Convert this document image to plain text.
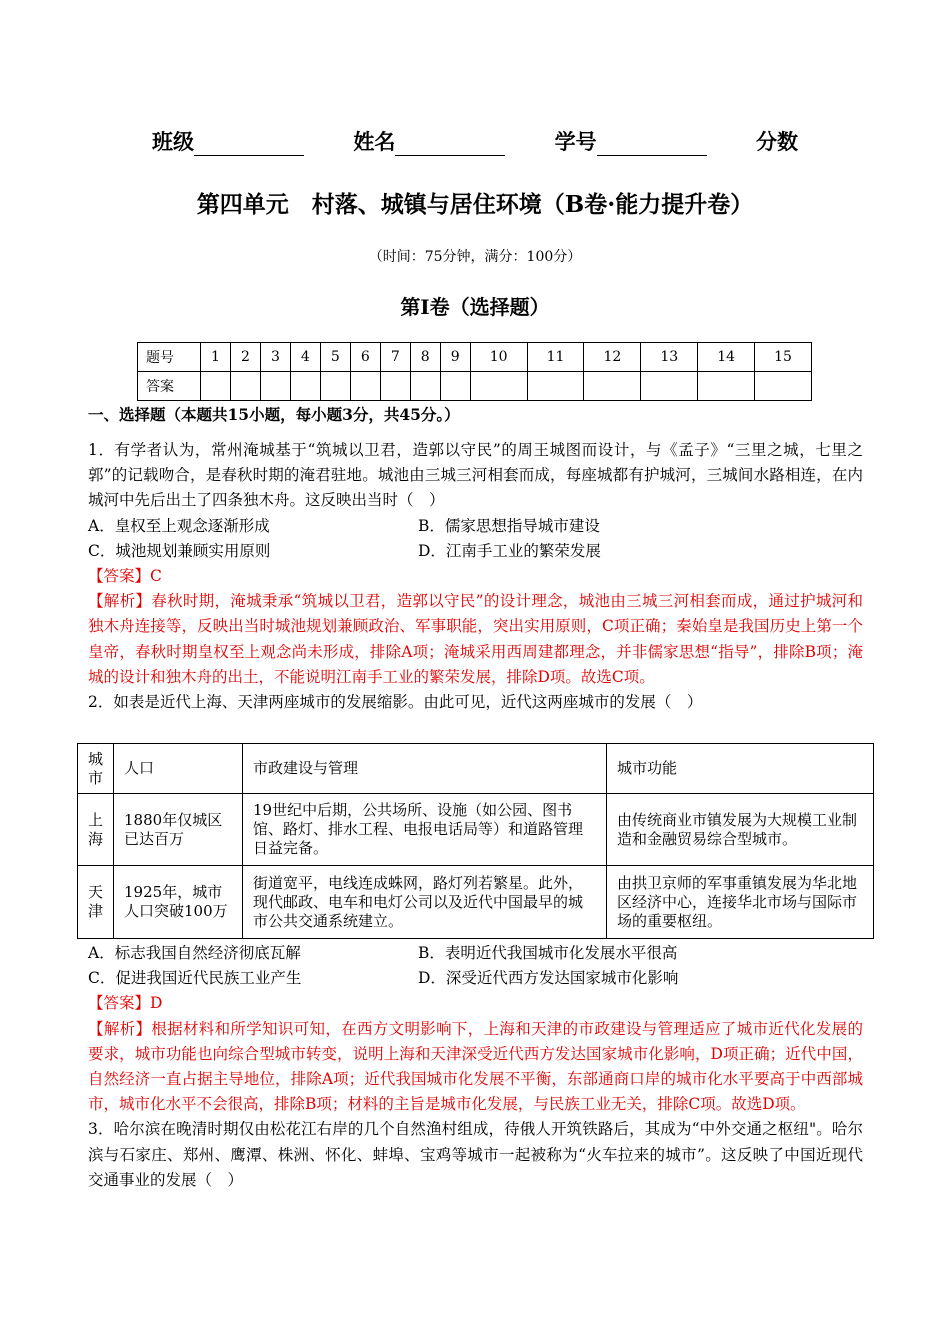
班级	姓名	学号	分数
第四单元　村落、城镇与居住环境（B卷·能力提升卷）
（时间：75分钟，满分：100分）
第Ⅰ卷（选择题）
题号	1	2	3	4	5	6	7	8	9	10	11	12	13	14	15
答案															
一、选择题（本题共15小题，每小题3分，共45分。）
1．有学者认为，常州淹城基于“筑城以卫君，造郭以守民”的周王城图而设计，与《孟子》“三里之城，七里之郭”的记载吻合，是春秋时期的淹君驻地。城池由三城三河相套而成，每座城都有护城河，三城间水路相连，在内城河中先后出土了四条独木舟。这反映出当时（　）
A．皇权至上观念逐渐形成	B．儒家思想指导城市建设
C．城池规划兼顾实用原则	D．江南手工业的繁荣发展
【答案】C
【解析】春秋时期，淹城秉承“筑城以卫君，造郭以守民”的设计理念，城池由三城三河相套而成，通过护城河和独木舟连接等，反映出当时城池规划兼顾政治、军事职能，突出实用原则，C项正确；秦始皇是我国历史上第一个皇帝，春秋时期皇权至上观念尚未形成，排除A项；淹城采用西周建都理念，并非儒家思想“指导”，排除B项；淹城的设计和独木舟的出土，不能说明江南手工业的繁荣发展，排除D项。故选C项。
2．如表是近代上海、天津两座城市的发展缩影。由此可见，近代这两座城市的发展（　）
城市	人口	市政建设与管理	城市功能
上海	1880年仅城区已达百万	19世纪中后期，公共场所、设施（如公园、图书馆、路灯、排水工程、电报电话局等）和道路管理日益完备。	由传统商业市镇发展为大规模工业制造和金融贸易综合型城市。
天津	1925年，城市人口突破100万	街道宽平，电线连成蛛网，路灯列若繁星。此外，现代邮政、电车和电灯公司以及近代中国最早的城市公共交通系统建立。	由拱卫京师的军事重镇发展为华北地区经济中心，连接华北市场与国际市场的重要枢纽。
A．标志我国自然经济彻底瓦解	B．表明近代我国城市化发展水平很高
C．促进我国近代民族工业产生	D．深受近代西方发达国家城市化影响
【答案】D
【解析】根据材料和所学知识可知，在西方文明影响下，上海和天津的市政建设与管理适应了城市近代化发展的要求，城市功能也向综合型城市转变，说明上海和天津深受近代西方发达国家城市化影响，D项正确；近代中国，自然经济一直占据主导地位，排除A项；近代我国城市化发展不平衡，东部通商口岸的城市化水平要高于中西部城市，城市化水平不会很高，排除B项；材料的主旨是城市化发展，与民族工业无关，排除C项。故选D项。
3．哈尔滨在晚清时期仅由松花江右岸的几个自然渔村组成，待俄人开筑铁路后，其成为“中外交通之枢纽"。哈尔滨与石家庄、郑州、鹰潭、株洲、怀化、蚌埠、宝鸡等城市一起被称为“火车拉来的城市”。这反映了中国近现代交通事业的发展（　）
